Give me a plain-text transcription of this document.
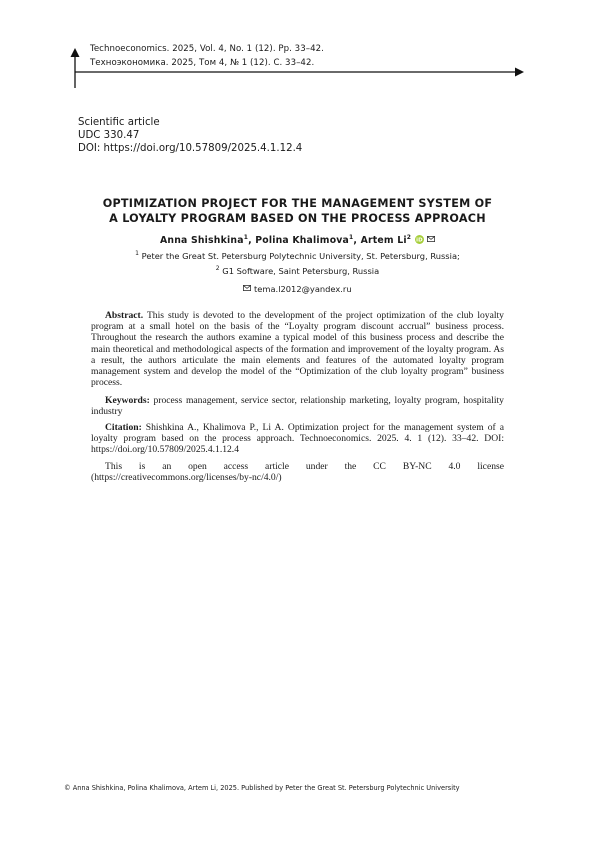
Technoeconomics. 2025, Vol. 4, No. 1 (12). Pp. 33–42.
Техноэкономика. 2025, Том 4, № 1 (12). С. 33–42.
Scientific article
UDC 330.47
DOI: https://doi.org/10.57809/2025.4.1.12.4
OPTIMIZATION PROJECT FOR THE MANAGEMENT SYSTEM OF
A LOYALTY PROGRAM BASED ON THE PROCESS APPROACH
Anna Shishkina$^1$, Polina Khalimova$^1$, Artem Li$^2$ iD

$^1$ Peter the Great St. Petersburg Polytechnic University, St. Petersburg, Russia;
$^2$ G1 Software, Saint Petersburg, Russia
tema.l2012@yandex.ru
Abstract. This study is devoted to the development of the project optimization of the club loyalty program at a small hotel on the basis of the “Loyalty program discount accrual” business process. Throughout the research the authors examine a typical model of this business process and describe the main theoretical and methodological aspects of the formation and improvement of the loyalty program. As a result, the authors articulate the main elements and features of the automated loyalty program management system and develop the model of the “Optimization of the club loyalty program” business process.
Keywords: process management, service sector, relationship marketing, loyalty program, hospitality industry
Citation: Shishkina A., Khalimova P., Li A. Optimization project for the management system of a loyalty program based on the process approach. Technoeconomics. 2025. 4. 1 (12). 33–42. DOI: https://doi.org/10.57809/2025.4.1.12.4
This is an open access article under the CC BY-NC 4.0 license (https://creativecommons.org/licenses/by-nc/4.0/)
© Anna Shishkina, Polina Khalimova, Artem Li, 2025. Published by Peter the Great St. Petersburg Polytechnic University
